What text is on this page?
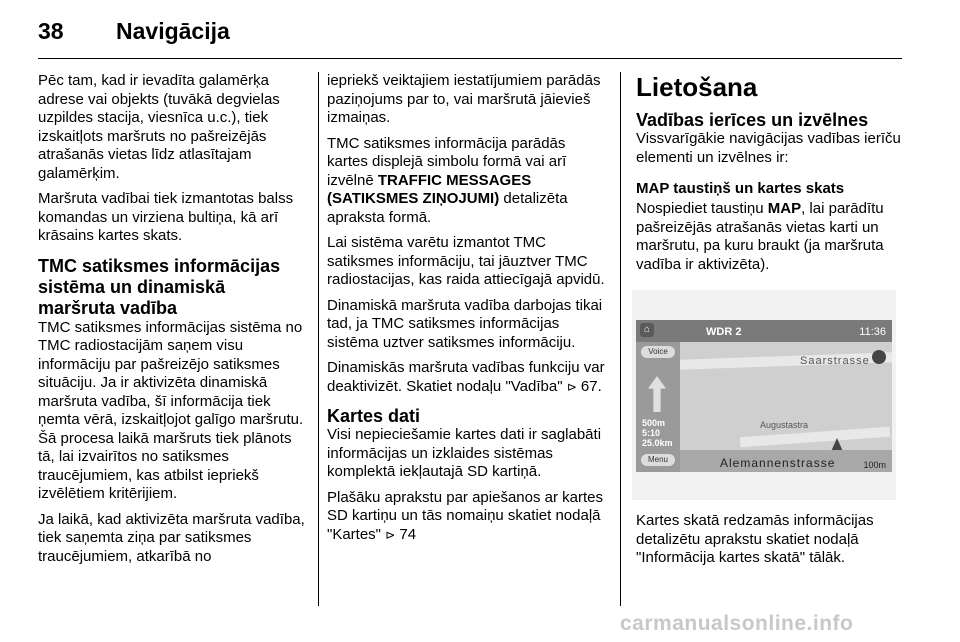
38	Navigācija

Pēc tam, kad ir ievadīta galamērķa adrese vai objekts (tuvākā degvielas uzpildes stacija, viesnīca u.c.), tiek izskaitļots maršruts no pašreizējās atrašanās vietas līdz atlasītajam galamērķim.

Maršruta vadībai tiek izmantotas balss komandas un virziena bultiņa, kā arī krāsains kartes skats.

TMC satiksmes informācijas sistēma un dinamiskā maršruta vadība

TMC satiksmes informācijas sistēma no TMC radiostacijām saņem visu informāciju par pašreizējo satiksmes situāciju. Ja ir aktivizēta dinamiskā maršruta vadība, šī informācija tiek ņemta vērā, izskaitļojot galīgo maršrutu. Šā procesa laikā maršruts tiek plānots tā, lai izvairītos no satiksmes traucējumiem, kas atbilst iepriekš izvēlētiem kritērijiem.

Ja laikā, kad aktivizēta maršruta vadība, tiek saņemta ziņa par satiksmes traucējumiem, atkarībā no

iepriekš veiktajiem iestatījumiem parādās paziņojums par to, vai maršrutā jāievieš izmaiņas.

TMC satiksmes informācija parādās kartes displejā simbolu formā vai arī izvēlnē TRAFFIC MESSAGES (SATIKSMES ZIŅOJUMI) detalizēta apraksta formā.

Lai sistēma varētu izmantot TMC satiksmes informāciju, tai jāuztver TMC radiostacijas, kas raida attiecīgajā apvidū.

Dinamiskā maršruta vadība darbojas tikai tad, ja TMC satiksmes informācijas sistēma uztver satiksmes informāciju.

Dinamiskās maršruta vadības funkciju var deaktivizēt. Skatiet nodaļu "Vadība" ⊳ 67.

Kartes dati

Visi nepieciešamie kartes dati ir saglabāti informācijas un izklaides sistēmas komplektā iekļautajā SD kartiņā.

Plašāku aprakstu par apiešanos ar kartes SD kartiņu un tās nomaiņu skatiet nodaļā "Kartes" ⊳ 74

Lietošana
Vadības ierīces un izvēlnes

Vissvarīgākie navigācijas vadības ierīču elementi un izvēlnes ir:

MAP taustiņš un kartes skats

Nospiediet taustiņu MAP, lai parādītu pašreizējās atrašanās vietas karti un maršrutu, pa kuru braukt (ja maršruta vadība ir aktivizēta).

⌂	WDR 2	11:36
Saarstrasse
Augustastra
Voice
500m
5:10
25.0km
Menu	Alemannenstrasse	100m

Kartes skatā redzamās informācijas detalizētu aprakstu skatiet nodaļā "Informācija kartes skatā" tālāk.

carmanualsonline.info
